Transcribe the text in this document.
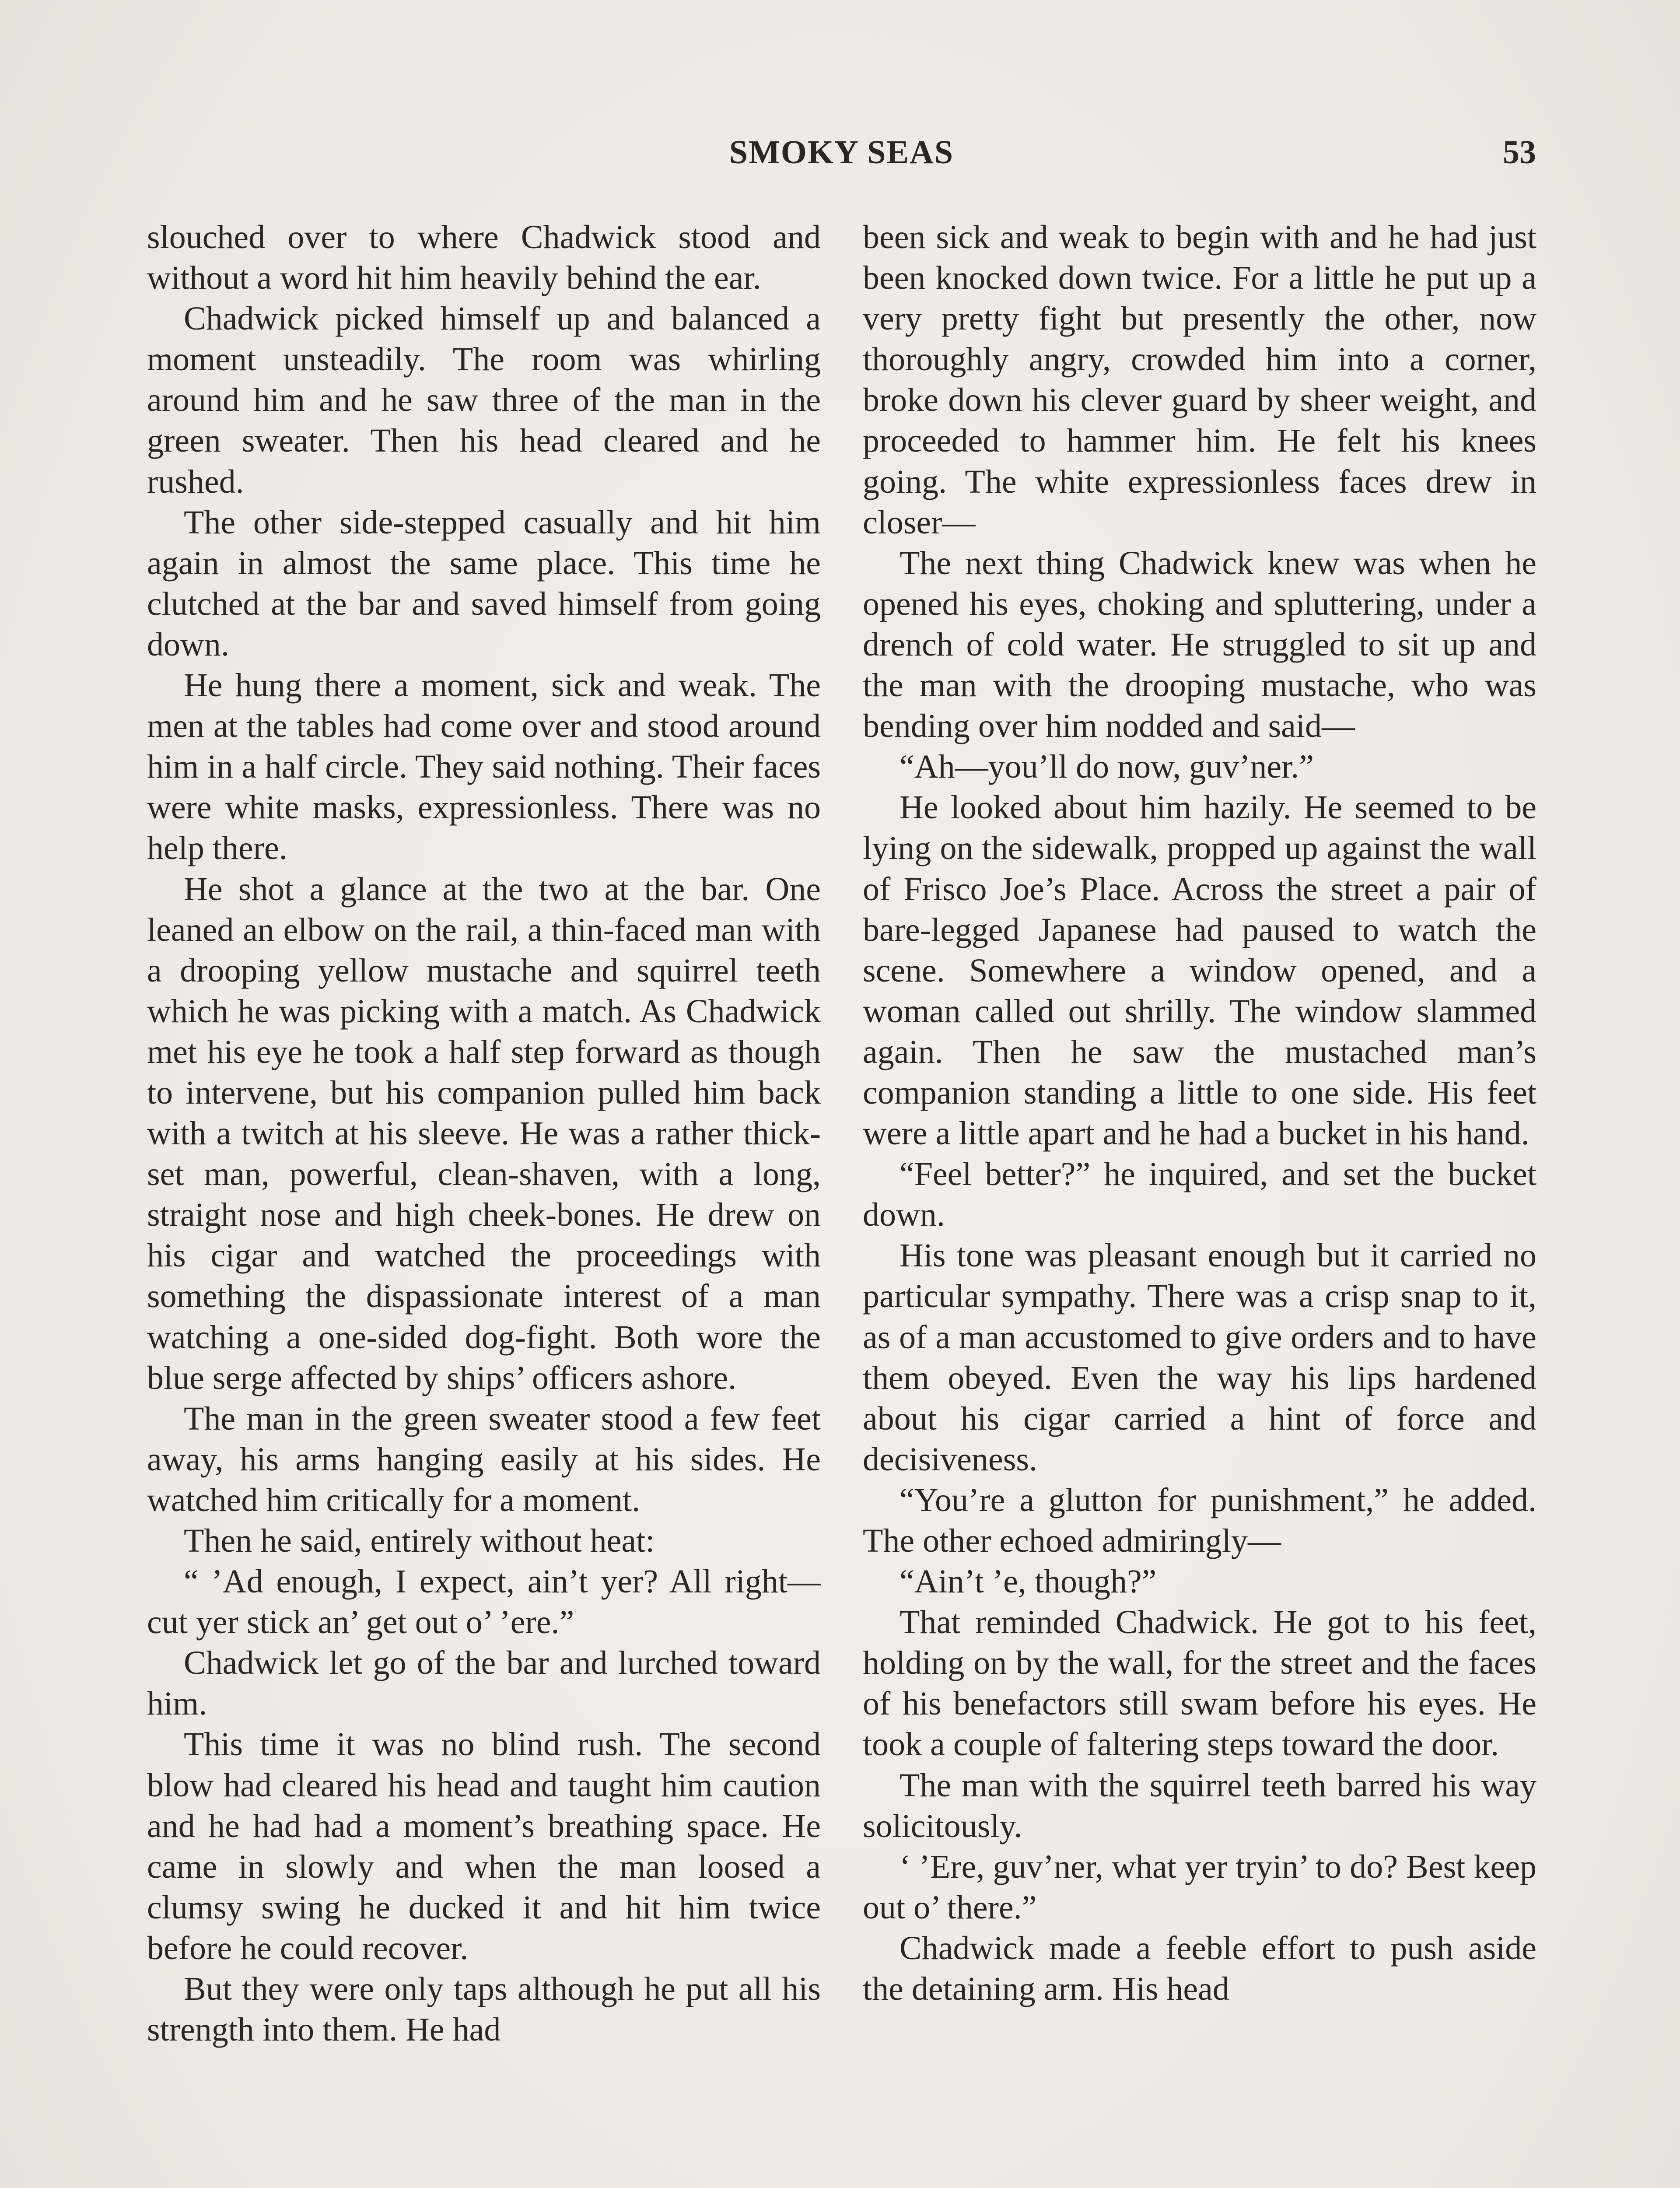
SMOKY SEAS	53

slouched over to where Chadwick stood and without a word hit him heavily behind the ear.

Chadwick picked himself up and balanced a moment unsteadily. The room was whirling around him and he saw three of the man in the green sweater. Then his head cleared and he rushed.

The other side-stepped casually and hit him again in almost the same place. This time he clutched at the bar and saved himself from going down.

He hung there a moment, sick and weak. The men at the tables had come over and stood around him in a half circle. They said nothing. Their faces were white masks, expressionless. There was no help there.

He shot a glance at the two at the bar. One leaned an elbow on the rail, a thin-faced man with a drooping yellow mustache and squirrel teeth which he was picking with a match. As Chadwick met his eye he took a half step forward as though to intervene, but his companion pulled him back with a twitch at his sleeve. He was a rather thick-set man, powerful, clean-shaven, with a long, straight nose and high cheek-bones. He drew on his cigar and watched the proceedings with something the dispassionate interest of a man watching a one-sided dog-fight. Both wore the blue serge affected by ships’ officers ashore.

The man in the green sweater stood a few feet away, his arms hanging easily at his sides. He watched him critically for a moment.

Then he said, entirely without heat:

“ ’Ad enough, I expect, ain’t yer? All right—cut yer stick an’ get out o’ ’ere.”

Chadwick let go of the bar and lurched toward him.

This time it was no blind rush. The second blow had cleared his head and taught him caution and he had had a moment’s breathing space. He came in slowly and when the man loosed a clumsy swing he ducked it and hit him twice before he could recover.

But they were only taps although he put all his strength into them. He had

been sick and weak to begin with and he had just been knocked down twice. For a little he put up a very pretty fight but presently the other, now thoroughly angry, crowded him into a corner, broke down his clever guard by sheer weight, and proceeded to hammer him. He felt his knees going. The white expressionless faces drew in closer—

The next thing Chadwick knew was when he opened his eyes, choking and spluttering, under a drench of cold water. He struggled to sit up and the man with the drooping mustache, who was bending over him nodded and said—

“Ah—you’ll do now, guv’ner.”

He looked about him hazily. He seemed to be lying on the sidewalk, propped up against the wall of Frisco Joe’s Place. Across the street a pair of bare-legged Japanese had paused to watch the scene. Somewhere a window opened, and a woman called out shrilly. The window slammed again. Then he saw the mustached man’s companion standing a little to one side. His feet were a little apart and he had a bucket in his hand.

“Feel better?” he inquired, and set the bucket down.

His tone was pleasant enough but it carried no particular sympathy. There was a crisp snap to it, as of a man accustomed to give orders and to have them obeyed. Even the way his lips hardened about his cigar carried a hint of force and decisiveness.

“You’re a glutton for punishment,” he added. The other echoed admiringly—

“Ain’t ’e, though?”

That reminded Chadwick. He got to his feet, holding on by the wall, for the street and the faces of his benefactors still swam before his eyes. He took a couple of faltering steps toward the door.

The man with the squirrel teeth barred his way solicitously.

‘ ’Ere, guv’ner, what yer tryin’ to do? Best keep out o’ there.”

Chadwick made a feeble effort to push aside the detaining arm. His head
